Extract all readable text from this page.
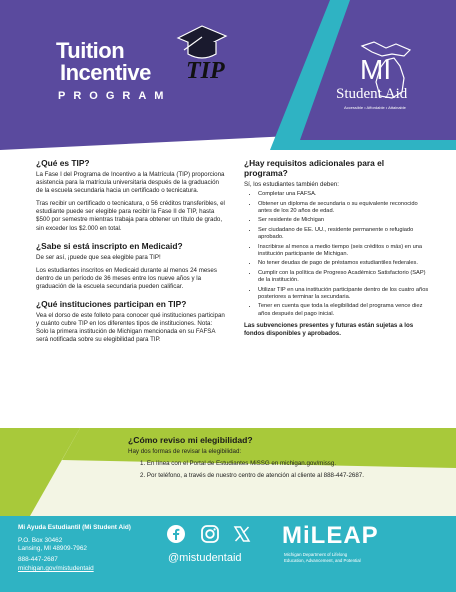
Tuition
Incentive TIP
PROGRAM
MI
Student Aid
Accessible • Affordable • Attainable
¿Qué es TIP?

La Fase I del Programa de Incentivo a la Matrícula (TIP) proporciona asistencia para la matrícula universitaria después de la graduación de la escuela secundaria hacia un certificado o tecnicatura.

Tras recibir un certificado o tecnicatura, o 56 créditos transferibles, el estudiante puede ser elegible para recibir la Fase II de TIP, hasta $500 por semestre mientras trabaja para obtener un título de grado, sin exceder los $2.000 en total.

¿Sabe si está inscripto en Medicaid?

De ser así, ¡puede que sea elegible para TIP!

Los estudiantes inscritos en Medicaid durante al menos 24 meses dentro de un período de 36 meses entre los nueve años y la graduación de la escuela secundaria pueden calificar.

¿Qué instituciones participan en TIP?

Vea el dorso de este folleto para conocer qué instituciones participan y cuánto cubre TIP en los diferentes tipos de instituciones. Nota: Solo la primera institución de Michigan mencionada en su FAFSA será notificada sobre su elegibilidad para TIP.

¿Hay requisitos adicionales para el programa?

Sí, los estudiantes también deben:

• Completar una FAFSA.
• Obtener un diploma de secundaria o su equivalente reconocido antes de los 20 años de edad.
• Ser residente de Michigan
• Ser ciudadano de EE. UU., residente permanente o refugiado aprobado.
• Inscribirse al menos a medio tiempo (seis créditos o más) en una institución participante de Michigan.
• No tener deudas de pago de préstamos estudiantiles federales.
• Cumplir con la política de Progreso Académico Satisfactorio (SAP) de la institución.
• Utilizar TIP en una institución participante dentro de los cuatro años posteriores a terminar la secundaria.
• Tener en cuenta que toda la elegibilidad del programa vence diez años después del pago inicial.

Las subvenciones presentes y futuras están sujetas a los fondos disponibles y aprobados.

¿Cómo reviso mi elegibilidad?
Hay dos formas de revisar la elegibilidad:
1. En línea con el Portal de Estudiantes MiSSG en michigan.gov/missg.
2. Por teléfono, a través de nuestro centro de atención al cliente al 888-447-2687.
Mi Ayuda Estudiantil (Mi Student Aid)
P.O. Box 30462
Lansing, MI 48909-7962
888-447-2687
michigan.gov/mistudentaid
@mistudentaid
MiLEAP
Michigan Department of Lifelong
Education, Advancement, and Potential
